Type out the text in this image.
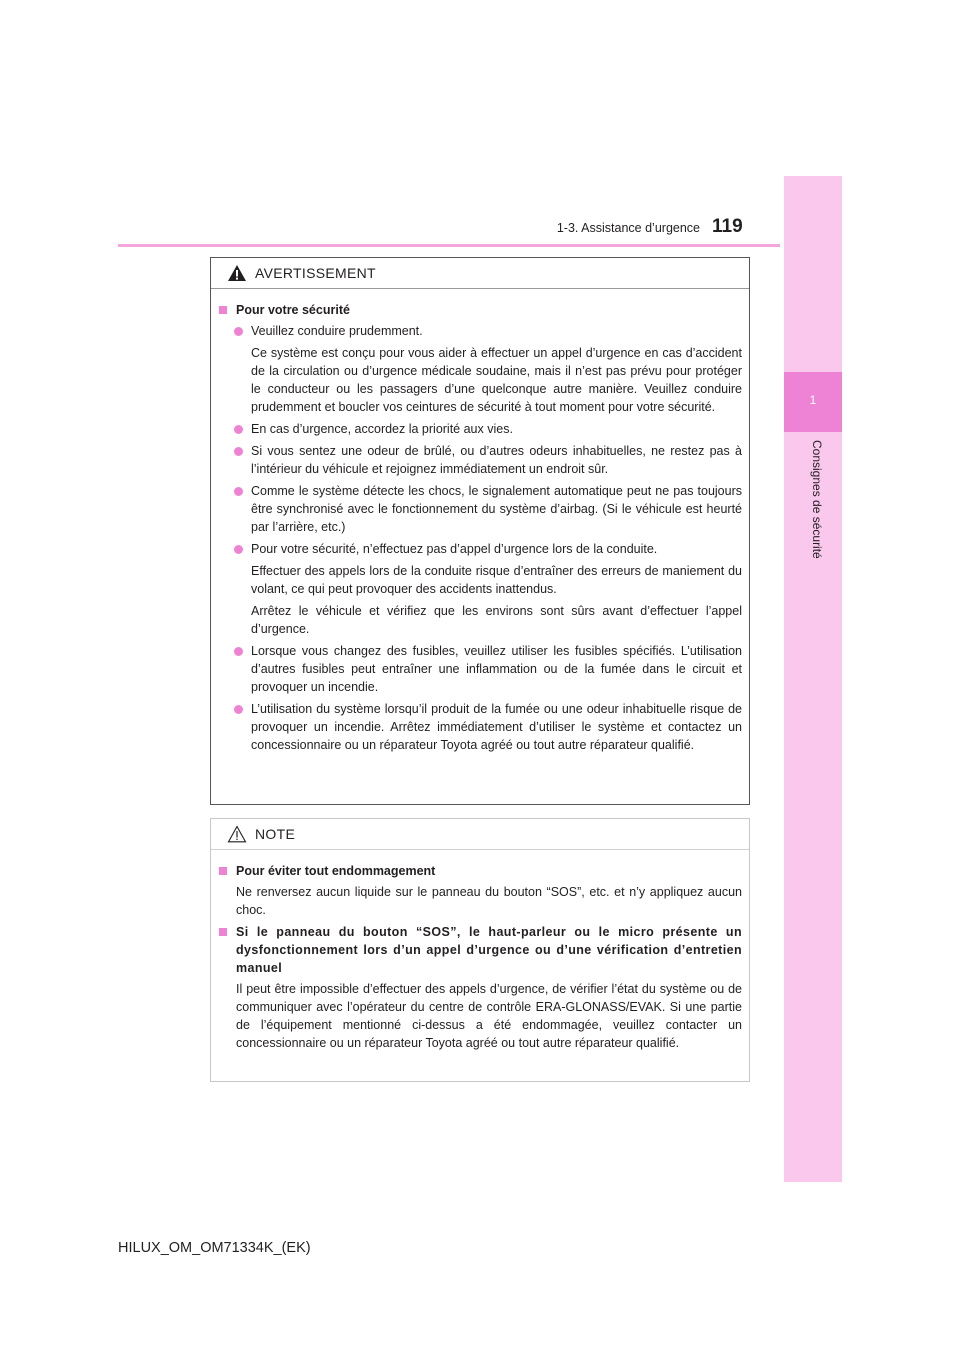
1-3. Assistance d’urgence 119
1
Consignes de sécurité
AVERTISSEMENT
Pour votre sécurité
Veuillez conduire prudemment.
Ce système est conçu pour vous aider à effectuer un appel d’urgence en cas d’accident de la circulation ou d’urgence médicale soudaine, mais il n’est pas prévu pour protéger le conducteur ou les passagers d’une quelconque autre manière. Veuillez conduire prudemment et boucler vos ceintures de sécurité à tout moment pour votre sécurité.
En cas d’urgence, accordez la priorité aux vies.
Si vous sentez une odeur de brûlé, ou d’autres odeurs inhabituelles, ne restez pas à l’intérieur du véhicule et rejoignez immédiatement un endroit sûr.
Comme le système détecte les chocs, le signalement automatique peut ne pas toujours être synchronisé avec le fonctionnement du système d’airbag. (Si le véhicule est heurté par l’arrière, etc.)
Pour votre sécurité, n’effectuez pas d’appel d’urgence lors de la conduite.
Effectuer des appels lors de la conduite risque d’entraîner des erreurs de maniement du volant, ce qui peut provoquer des accidents inattendus.
Arrêtez le véhicule et vérifiez que les environs sont sûrs avant d’effectuer l’appel d’urgence.
Lorsque vous changez des fusibles, veuillez utiliser les fusibles spécifiés. L’utilisation d’autres fusibles peut entraîner une inflammation ou de la fumée dans le circuit et provoquer un incendie.
L’utilisation du système lorsqu’il produit de la fumée ou une odeur inhabituelle risque de provoquer un incendie. Arrêtez immédiatement d’utiliser le système et contactez un concessionnaire ou un réparateur Toyota agréé ou tout autre réparateur qualifié.
NOTE
Pour éviter tout endommagement
Ne renversez aucun liquide sur le panneau du bouton “SOS”, etc. et n’y appliquez aucun choc.
Si le panneau du bouton “SOS”, le haut-parleur ou le micro présente un dysfonctionnement lors d’un appel d’urgence ou d’une vérification d’entretien manuel
Il peut être impossible d’effectuer des appels d’urgence, de vérifier l’état du système ou de communiquer avec l’opérateur du centre de contrôle ERA-GLONASS/EVAK. Si une partie de l’équipement mentionné ci-dessus a été endommagée, veuillez contacter un concessionnaire ou un réparateur Toyota agréé ou tout autre réparateur qualifié.
HILUX_OM_OM71334K_(EK)
